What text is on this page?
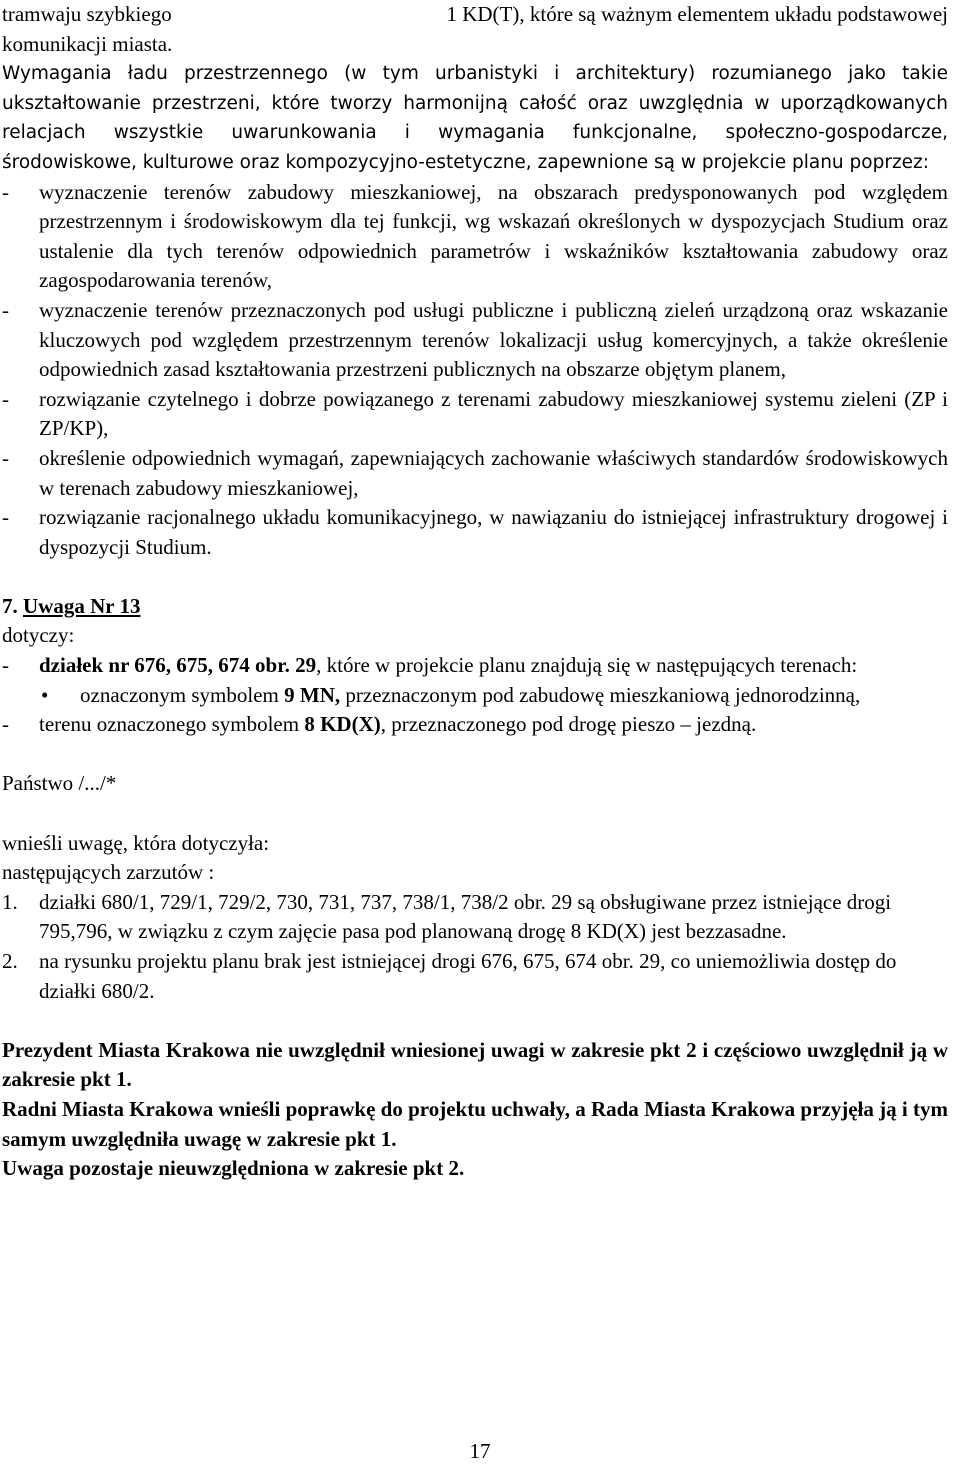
tramwaju szybkiego	1 KD(T), które są ważnym elementem układu podstawowej

komunikacji miasta.

Wymagania ładu przestrzennego (w tym urbanistyki i architektury) rozumianego jako takie ukształtowanie przestrzeni, które tworzy harmonijną całość oraz uwzględnia w uporządkowanych relacjach wszystkie uwarunkowania i wymagania funkcjonalne, społeczno-gospodarcze, środowiskowe, kulturowe oraz kompozycyjno-estetyczne, zapewnione są w projekcie planu poprzez:

-	wyznaczenie terenów zabudowy mieszkaniowej, na obszarach predysponowanych pod względem przestrzennym i środowiskowym dla tej funkcji, wg wskazań określonych w dyspozycjach Studium oraz ustalenie dla tych terenów odpowiednich parametrów i wskaźników kształtowania zabudowy oraz zagospodarowania terenów,
-	wyznaczenie terenów przeznaczonych pod usługi publiczne i publiczną zieleń urządzoną oraz wskazanie kluczowych pod względem przestrzennym terenów lokalizacji usług komercyjnych, a także określenie odpowiednich zasad kształtowania przestrzeni publicznych na obszarze objętym planem,
-	rozwiązanie czytelnego i dobrze powiązanego z terenami zabudowy mieszkaniowej systemu zieleni (ZP i ZP/KP),
-	określenie odpowiednich wymagań, zapewniających zachowanie właściwych standardów środowiskowych w terenach zabudowy mieszkaniowej,
-	rozwiązanie racjonalnego układu komunikacyjnego, w nawiązaniu do istniejącej infrastruktury drogowej i dyspozycji Studium.

7. Uwaga Nr 13

dotyczy:

-	działek nr 676, 675, 674 obr. 29, które w projekcie planu znajdują się w następujących terenach:
•	oznaczonym symbolem 9 MN, przeznaczonym pod zabudowę mieszkaniową jednorodzinną,
-	terenu oznaczonego symbolem 8 KD(X), przeznaczonego pod drogę pieszo – jezdną.

Państwo /.../*

wnieśli uwagę, która dotyczyła:

następujących zarzutów :

1.	działki 680/1, 729/1, 729/2, 730, 731, 737, 738/1, 738/2 obr. 29 są obsługiwane przez istniejące drogi 795,796, w związku z czym zajęcie pasa pod planowaną drogę 8 KD(X) jest bezzasadne.
2.	na rysunku projektu planu brak jest istniejącej drogi 676, 675, 674 obr. 29, co uniemożliwia dostęp do działki 680/2.

Prezydent Miasta Krakowa nie uwzględnił wniesionej uwagi w zakresie pkt 2 i częściowo uwzględnił ją w zakresie pkt 1.

Radni Miasta Krakowa wnieśli poprawkę do projektu uchwały, a Rada Miasta Krakowa przyjęła ją i tym samym uwzględniła uwagę w zakresie pkt 1.

Uwaga pozostaje nieuwzględniona w zakresie pkt 2.

17
